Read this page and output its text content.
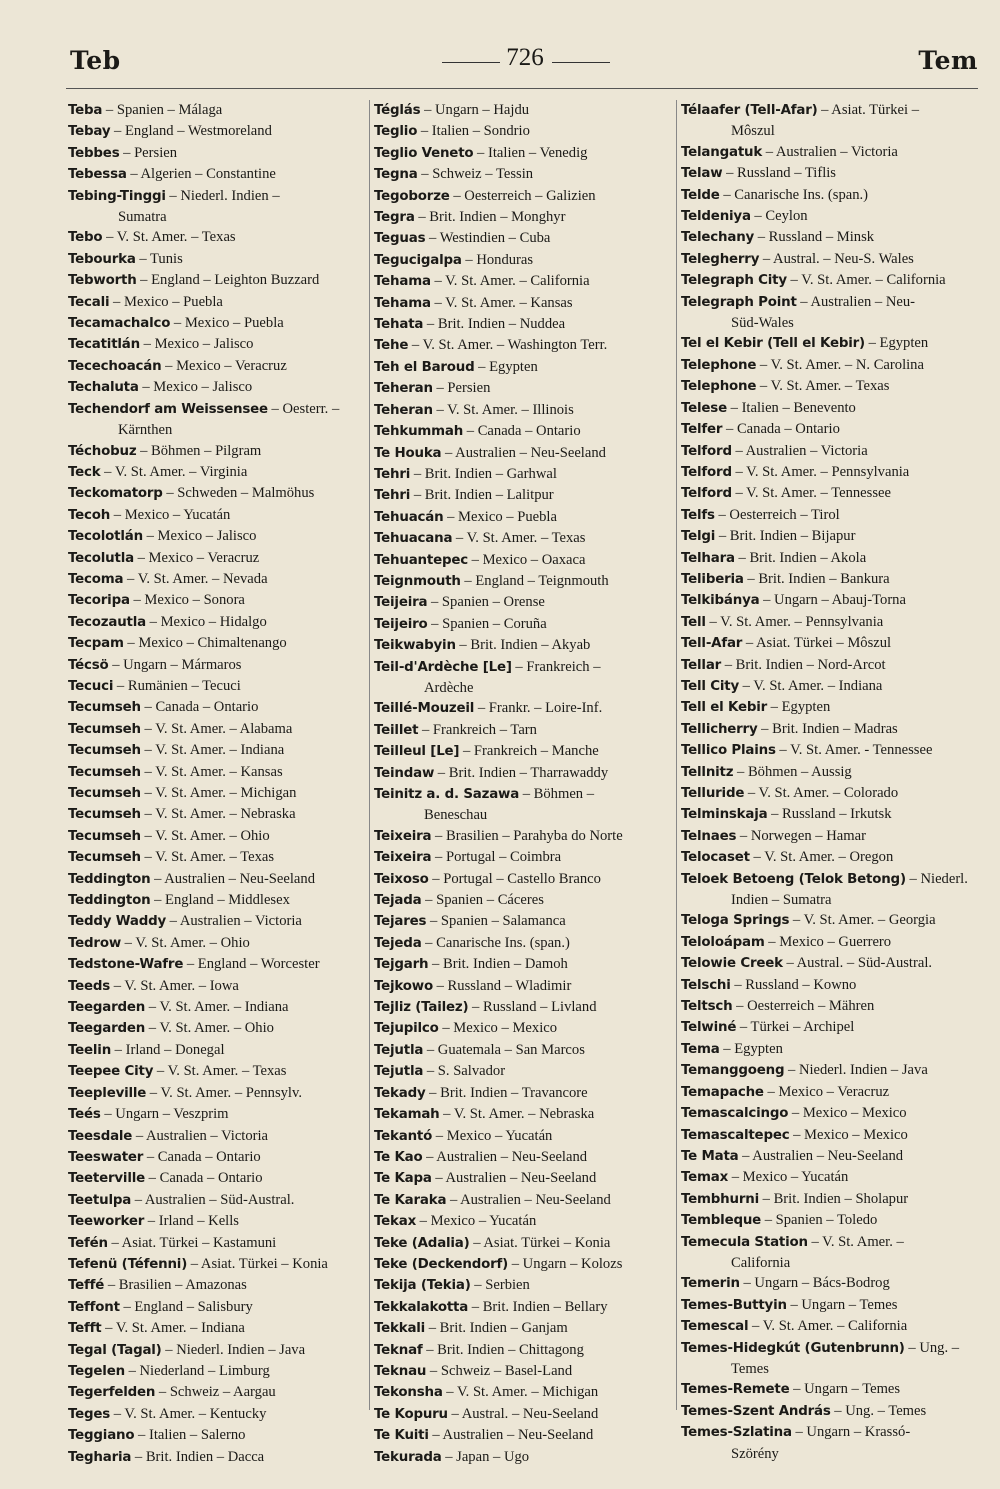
Teb	726	Tem
Teba – Spanien – Málaga
Tebay – England – Westmoreland
Tebbes – Persien
Tebessa – Algerien – Constantine
Tebing-Tinggi – Niederl. Indien –
Sumatra
Tebo – V. St. Amer. – Texas
Tebourka – Tunis
Tebworth – England – Leighton Buzzard
Tecali – Mexico – Puebla
Tecamachalco – Mexico – Puebla
Tecatitlán – Mexico – Jalisco
Tecechoacán – Mexico – Veracruz
Techaluta – Mexico – Jalisco
Techendorf am Weissensee – Oesterr. –
Kärnthen
Téchobuz – Böhmen – Pilgram
Teck – V. St. Amer. – Virginia
Teckomatorp – Schweden – Malmöhus
Tecoh – Mexico – Yucatán
Tecolotlán – Mexico – Jalisco
Tecolutla – Mexico – Veracruz
Tecoma – V. St. Amer. – Nevada
Tecoripa – Mexico – Sonora
Tecozautla – Mexico – Hidalgo
Tecpam – Mexico – Chimaltenango
Técsö – Ungarn – Mármaros
Tecuci – Rumänien – Tecuci
Tecumseh – Canada – Ontario
Tecumseh – V. St. Amer. – Alabama
Tecumseh – V. St. Amer. – Indiana
Tecumseh – V. St. Amer. – Kansas
Tecumseh – V. St. Amer. – Michigan
Tecumseh – V. St. Amer. – Nebraska
Tecumseh – V. St. Amer. – Ohio
Tecumseh – V. St. Amer. – Texas
Teddington – Australien – Neu-Seeland
Teddington – England – Middlesex
Teddy Waddy – Australien – Victoria
Tedrow – V. St. Amer. – Ohio
Tedstone-Wafre – England – Worcester
Teeds – V. St. Amer. – Iowa
Teegarden – V. St. Amer. – Indiana
Teegarden – V. St. Amer. – Ohio
Teelin – Irland – Donegal
Teepee City – V. St. Amer. – Texas
Teepleville – V. St. Amer. – Pennsylv.
Teés – Ungarn – Veszprim
Teesdale – Australien – Victoria
Teeswater – Canada – Ontario
Teeterville – Canada – Ontario
Teetulpa – Australien – Süd-Austral.
Teeworker – Irland – Kells
Tefén – Asiat. Türkei – Kastamuni
Tefenü (Téfenni) – Asiat. Türkei – Konia
Teffé – Brasilien – Amazonas
Teffont – England – Salisbury
Tefft – V. St. Amer. – Indiana
Tegal (Tagal) – Niederl. Indien – Java
Tegelen – Niederland – Limburg
Tegerfelden – Schweiz – Aargau
Teges – V. St. Amer. – Kentucky
Teggiano – Italien – Salerno
Tegharia – Brit. Indien – Dacca
Téglás – Ungarn – Hajdu
Teglio – Italien – Sondrio
Teglio Veneto – Italien – Venedig
Tegna – Schweiz – Tessin
Tegoborze – Oesterreich – Galizien
Tegra – Brit. Indien – Monghyr
Teguas – Westindien – Cuba
Tegucigalpa – Honduras
Tehama – V. St. Amer. – California
Tehama – V. St. Amer. – Kansas
Tehata – Brit. Indien – Nuddea
Tehe – V. St. Amer. – Washington Terr.
Teh el Baroud – Egypten
Teheran – Persien
Teheran – V. St. Amer. – Illinois
Tehkummah – Canada – Ontario
Te Houka – Australien – Neu-Seeland
Tehri – Brit. Indien – Garhwal
Tehri – Brit. Indien – Lalitpur
Tehuacán – Mexico – Puebla
Tehuacana – V. St. Amer. – Texas
Tehuantepec – Mexico – Oaxaca
Teignmouth – England – Teignmouth
Teijeira – Spanien – Orense
Teijeiro – Spanien – Coruña
Teikwabyin – Brit. Indien – Akyab
Teil-d'Ardèche [Le] – Frankreich –
Ardèche
Teillé-Mouzeil – Frankr. – Loire-Inf.
Teillet – Frankreich – Tarn
Teilleul [Le] – Frankreich – Manche
Teindaw – Brit. Indien – Tharrawaddy
Teinitz a. d. Sazawa – Böhmen –
Beneschau
Teixeira – Brasilien – Parahyba do Norte
Teixeira – Portugal – Coimbra
Teixoso – Portugal – Castello Branco
Tejada – Spanien – Cáceres
Tejares – Spanien – Salamanca
Tejeda – Canarische Ins. (span.)
Tejgarh – Brit. Indien – Damoh
Tejkowo – Russland – Wladimir
Tejliz (Tailez) – Russland – Livland
Tejupilco – Mexico – Mexico
Tejutla – Guatemala – San Marcos
Tejutla – S. Salvador
Tekady – Brit. Indien – Travancore
Tekamah – V. St. Amer. – Nebraska
Tekantó – Mexico – Yucatán
Te Kao – Australien – Neu-Seeland
Te Kapa – Australien – Neu-Seeland
Te Karaka – Australien – Neu-Seeland
Tekax – Mexico – Yucatán
Teke (Adalia) – Asiat. Türkei – Konia
Teke (Deckendorf) – Ungarn – Kolozs
Tekija (Tekia) – Serbien
Tekkalakotta – Brit. Indien – Bellary
Tekkali – Brit. Indien – Ganjam
Teknaf – Brit. Indien – Chittagong
Teknau – Schweiz – Basel-Land
Tekonsha – V. St. Amer. – Michigan
Te Kopuru – Austral. – Neu-Seeland
Te Kuiti – Australien – Neu-Seeland
Tekurada – Japan – Ugo
Télaafer (Tell-Afar) – Asiat. Türkei –
Môszul
Telangatuk – Australien – Victoria
Telaw – Russland – Tiflis
Telde – Canarische Ins. (span.)
Teldeniya – Ceylon
Telechany – Russland – Minsk
Telegherry – Austral. – Neu-S. Wales
Telegraph City – V. St. Amer. – California
Telegraph Point – Australien – Neu-
Süd-Wales
Tel el Kebir (Tell el Kebir) – Egypten
Telephone – V. St. Amer. – N. Carolina
Telephone – V. St. Amer. – Texas
Telese – Italien – Benevento
Telfer – Canada – Ontario
Telford – Australien – Victoria
Telford – V. St. Amer. – Pennsylvania
Telford – V. St. Amer. – Tennessee
Telfs – Oesterreich – Tirol
Telgi – Brit. Indien – Bijapur
Telhara – Brit. Indien – Akola
Teliberia – Brit. Indien – Bankura
Telkibánya – Ungarn – Abauj-Torna
Tell – V. St. Amer. – Pennsylvania
Tell-Afar – Asiat. Türkei – Môszul
Tellar – Brit. Indien – Nord-Arcot
Tell City – V. St. Amer. – Indiana
Tell el Kebir – Egypten
Tellicherry – Brit. Indien – Madras
Tellico Plains – V. St. Amer. - Tennessee
Tellnitz – Böhmen – Aussig
Telluride – V. St. Amer. – Colorado
Telminskaja – Russland – Irkutsk
Telnaes – Norwegen – Hamar
Telocaset – V. St. Amer. – Oregon
Teloek Betoeng (Telok Betong) – Niederl.
Indien – Sumatra
Teloga Springs – V. St. Amer. – Georgia
Teloloápam – Mexico – Guerrero
Telowie Creek – Austral. – Süd-Austral.
Telschi – Russland – Kowno
Teltsch – Oesterreich – Mähren
Telwiné – Türkei – Archipel
Tema – Egypten
Temanggoeng – Niederl. Indien – Java
Temapache – Mexico – Veracruz
Temascalcingo – Mexico – Mexico
Temascaltepec – Mexico – Mexico
Te Mata – Australien – Neu-Seeland
Temax – Mexico – Yucatán
Tembhurni – Brit. Indien – Sholapur
Tembleque – Spanien – Toledo
Temecula Station – V. St. Amer. –
California
Temerin – Ungarn – Bács-Bodrog
Temes-Buttyin – Ungarn – Temes
Temescal – V. St. Amer. – California
Temes-Hidegkút (Gutenbrunn) – Ung. –
Temes
Temes-Remete – Ungarn – Temes
Temes-Szent András – Ung. – Temes
Temes-Szlatina – Ungarn – Krassó-
Szörény
